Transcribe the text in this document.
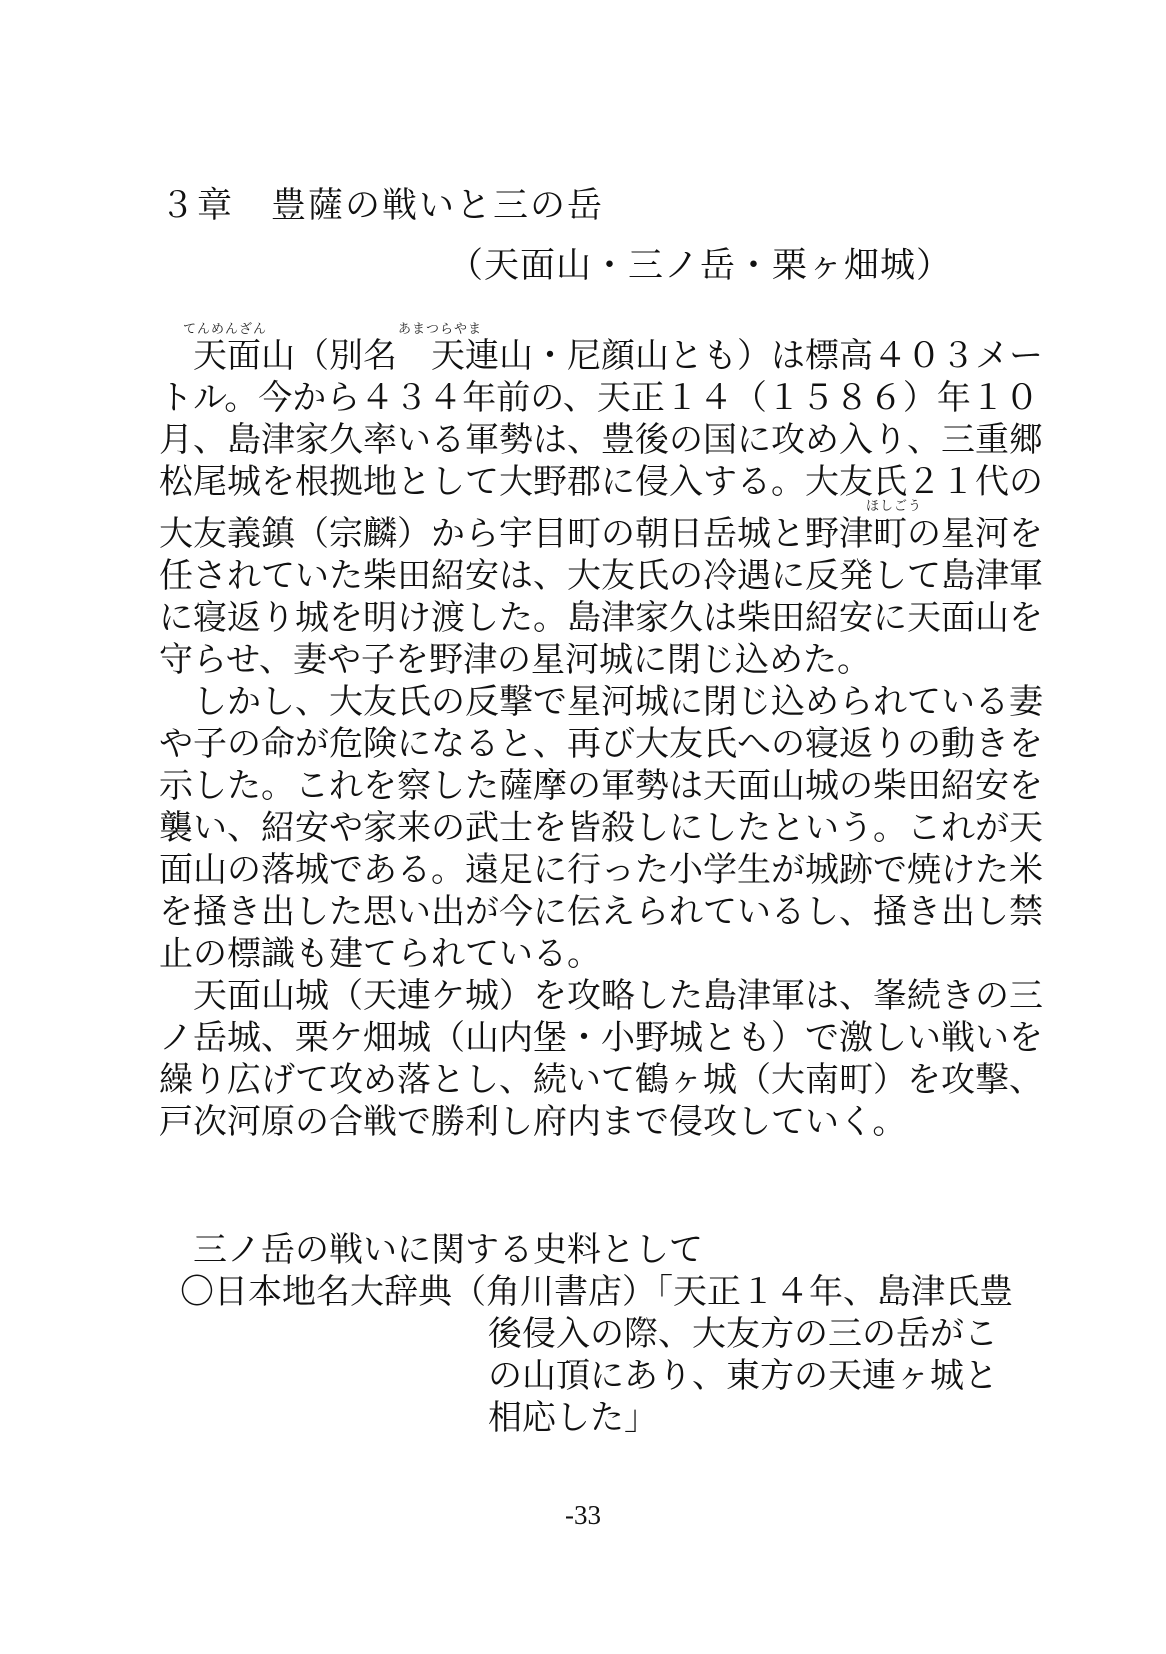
３章　豊薩の戦いと三の岳
（天面山・三ノ岳・栗ヶ畑城）
てんめんざん	あまつらやま
ほしごう
天面山（別名　天連山・尼顔山とも）は標高４０３メー
トル。今から４３４年前の、天正１４（１５８６）年１０
月、島津家久率いる軍勢は、豊後の国に攻め入り、三重郷
松尾城を根拠地として大野郡に侵入する。大友氏２１代の
大友義鎮（宗麟）から宇目町の朝日岳城と野津町の星河を
任されていた柴田紹安は、大友氏の冷遇に反発して島津軍
に寝返り城を明け渡した。島津家久は柴田紹安に天面山を
守らせ、妻や子を野津の星河城に閉じ込めた。
しかし、大友氏の反撃で星河城に閉じ込められている妻
や子の命が危険になると、再び大友氏への寝返りの動きを
示した。これを察した薩摩の軍勢は天面山城の柴田紹安を
襲い、紹安や家来の武士を皆殺しにしたという。これが天
面山の落城である。遠足に行った小学生が城跡で焼けた米
を掻き出した思い出が今に伝えられているし、掻き出し禁
止の標識も建てられている。
天面山城（天連ケ城）を攻略した島津軍は、峯続きの三
ノ岳城、栗ケ畑城（山内堡・小野城とも）で激しい戦いを
繰り広げて攻め落とし、続いて鶴ヶ城（大南町）を攻撃、
戸次河原の合戦で勝利し府内まで侵攻していく。
三ノ岳の戦いに関する史料として
〇日本地名大辞典（角川書店）「天正１４年、島津氏豊
後侵入の際、大友方の三の岳がこ
の山頂にあり、東方の天連ヶ城と
相応した」
-33
